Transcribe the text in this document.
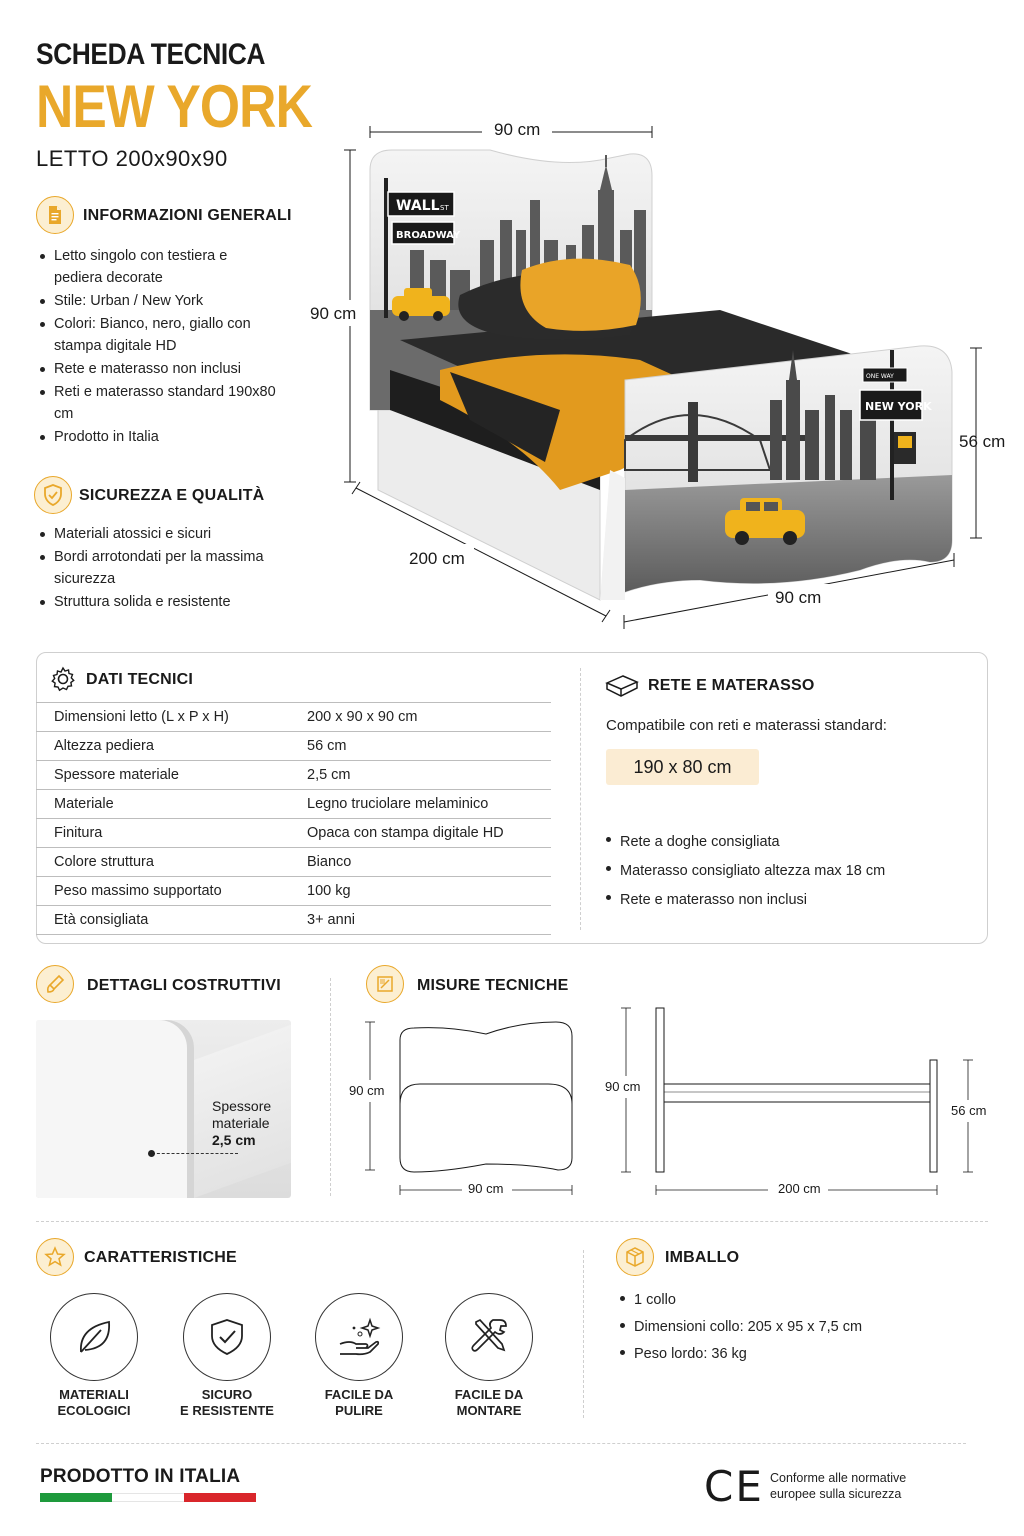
SCHEDA TECNICA
NEW YORK
LETTO 200x90x90
INFORMAZIONI GENERALI
Letto singolo con testiera e pediera decorate
Stile: Urban / New York
Colori: Bianco, nero, giallo con stampa digitale HD
Rete e materasso non inclusi
Reti e materasso standard 190x80 cm
Prodotto in Italia
SICUREZZA E QUALITÀ
Materiali atossici e sicuri
Bordi arrotondati per la massima sicurezza
Struttura solida e resistente
WALL ST
BROADWAY
ONE WAY
NEW YORK
90 cm
90 cm
200 cm
90 cm
56 cm
DATI TECNICI
Dimensioni letto (L x P x H)	200 x 90 x 90 cm
Altezza pediera	56 cm
Spessore materiale	2,5 cm
Materiale	Legno truciolare melaminico
Finitura	Opaca con stampa digitale HD
Colore struttura	Bianco
Peso massimo supportato	100 kg
Età consigliata	3+ anni
RETE E MATERASSO
Compatibile con reti e materassi standard:
190 x 80 cm
Rete a doghe consigliata
Materasso consigliato altezza max 18 cm
Rete e materasso non inclusi
DETTAGLI COSTRUTTIVI
Spessore
materiale
2,5 cm
MISURE TECNICHE
90 cm
90 cm
90 cm
200 cm
56 cm
CARATTERISTICHE
MATERIALI
ECOLOGICI
SICURO
E RESISTENTE
FACILE DA
PULIRE
FACILE DA
MONTARE
IMBALLO
1 collo
Dimensioni collo: 205 x 95 x 7,5 cm
Peso lordo: 36 kg
PRODOTTO IN ITALIA	CE Conforme alle normative
europee sulla sicurezza
